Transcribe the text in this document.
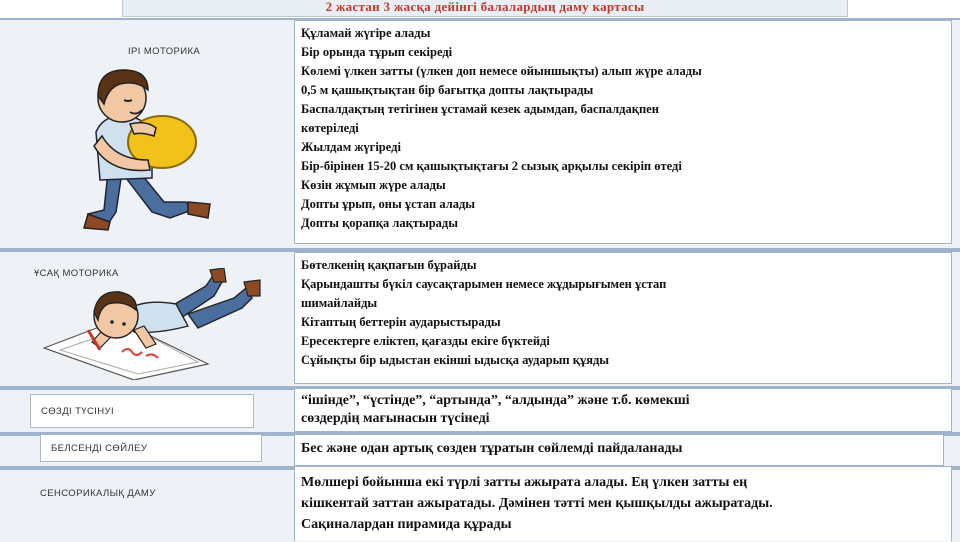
2 жастан 3 жасқа дейінгі балалардың даму картасы
ІРІ МОТОРИКА
Құламай жүгіре алады
Бір орында тұрып секіреді
Көлемі үлкен затты (үлкен доп немесе ойыншықты) алып жүре алады
0,5 м қашықтықтан бір бағытқа допты лақтырады
Баспалдақтың тетігінен ұстамай кезек адымдап, баспалдақпен
көтеріледі
Жылдам жүгіреді
Бір-бірінен 15-20 см қашықтықтағы 2 сызық арқылы секіріп өтеді
Көзін жұмып жүре алады
Допты ұрып, оны ұстап алады
Допты қорапқа лақтырады
ҰСАҚ МОТОРИКА
Бөтелкенің қақпағын бұрайды
Қарындашты бүкіл саусақтарымен немесе жұдырығымен ұстап
шимайлайды
Кітаптың беттерін аударыстырады
Ересектерге еліктеп, қағазды екіге бүктейді
Сұйықты бір ыдыстан екінші ыдысқа аударып құяды
СӨЗДІ ТҮСІНУІ
“ішінде”, “үстінде”, “артында”, “алдында” және т.б. көмекші
сөздердің мағынасын түсінеді
БЕЛСЕНДІ СӨЙЛЕУ	Бес және одан артық сөзден тұратын сөйлемді пайдаланады
СЕНСОРИКАЛЫҚ ДАМУ
Мөлшері бойынша екі түрлі затты ажырата алады. Ең үлкен затты ең
кішкентай заттан ажыратады. Дәмінен тәтті мен қышқылды ажыратады.
Сақиналардан пирамида құрады
